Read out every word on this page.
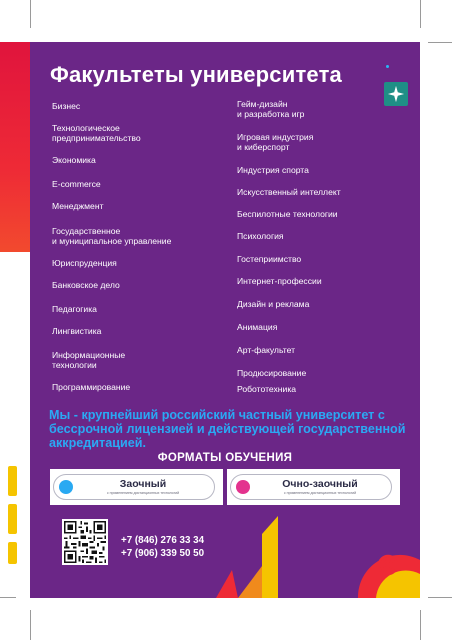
Факультеты университета
Бизнес
Технологическое
предпринимательство
Экономика
E-commerce
Менеджмент
Государственное
и муниципальное управление
Юриспруденция
Банковское дело
Педагогика
Лингвистика
Информационные
технологии
Программирование
Гейм-дизайн
и разработка игр
Игровая индустрия
и киберспорт
Индустрия спорта
Искусственный интеллект
Беспилотные технологии
Психология
Гостеприимство
Интернет-профессии
Дизайн и реклама
Анимация
Арт-факультет
Продюсирование
Робототехника

Мы - крупнейший российский частный университет с бессрочной лицензией и действующей государственной аккредитацией.

ФОРМАТЫ ОБУЧЕНИЯ
Заочный
с применением дистанционных технологий
Очно-заочный
с применением дистанционных технологий
+7 (846) 276 33 34
+7 (906) 339 50 50
